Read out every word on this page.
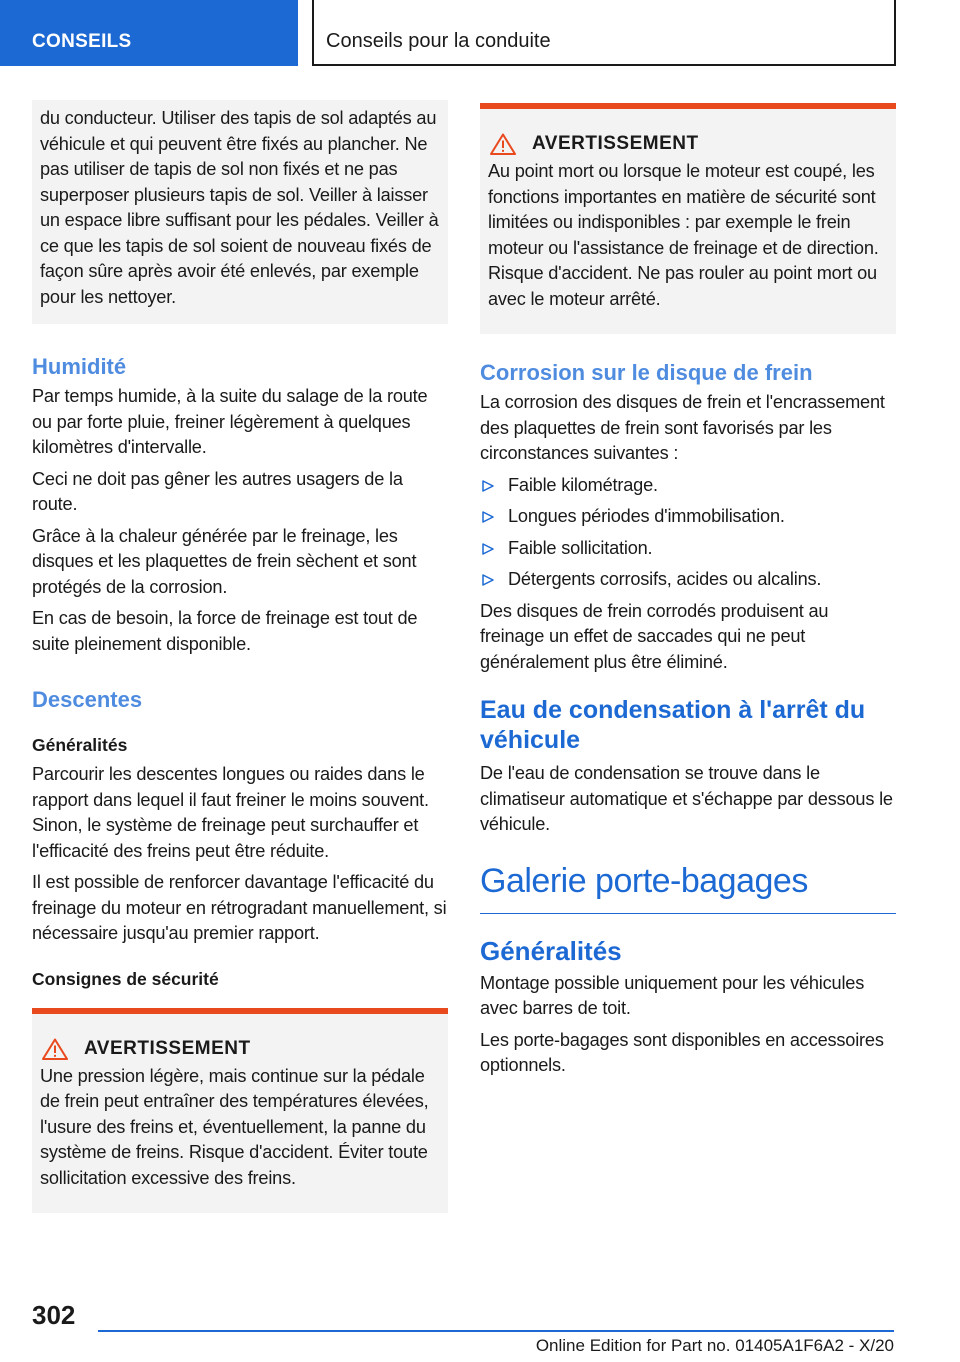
CONSEILS	Conseils pour la conduite

du conducteur. Utiliser des tapis de sol adaptés au véhicule et qui peuvent être fixés au plancher. Ne pas utiliser de tapis de sol non fixés et ne pas superposer plusieurs tapis de sol. Veiller à laisser un espace libre suffisant pour les pédales. Veiller à ce que les tapis de sol soient de nouveau fixés de façon sûre après avoir été enlevés, par exemple pour les nettoyer.

Humidité

Par temps humide, à la suite du salage de la route ou par forte pluie, freiner légèrement à quelques kilomètres d'intervalle.

Ceci ne doit pas gêner les autres usagers de la route.

Grâce à la chaleur générée par le freinage, les disques et les plaquettes de frein sèchent et sont protégés de la corrosion.

En cas de besoin, la force de freinage est tout de suite pleinement disponible.

Descentes
Généralités

Parcourir les descentes longues ou raides dans le rapport dans lequel il faut freiner le moins souvent. Sinon, le système de freinage peut surchauffer et l'efficacité des freins peut être réduite.

Il est possible de renforcer davantage l'efficacité du freinage du moteur en rétrogradant manuellement, si nécessaire jusqu'au premier rapport.

Consignes de sécurité
AVERTISSEMENT

Une pression légère, mais continue sur la pédale de frein peut entraîner des températures élevées, l'usure des freins et, éventuellement, la panne du système de freins. Risque d'accident. Éviter toute sollicitation excessive des freins.

AVERTISSEMENT

Au point mort ou lorsque le moteur est coupé, les fonctions importantes en matière de sécurité sont limitées ou indisponibles : par exemple le frein moteur ou l'assistance de freinage et de direction. Risque d'accident. Ne pas rouler au point mort ou avec le moteur arrêté.

Corrosion sur le disque de frein

La corrosion des disques de frein et l'encrassement des plaquettes de frein sont favorisés par les circonstances suivantes :

Faible kilométrage.
Longues périodes d'immobilisation.
Faible sollicitation.
Détergents corrosifs, acides ou alcalins.

Des disques de frein corrodés produisent au freinage un effet de saccades qui ne peut généralement plus être éliminé.

Eau de condensation à l'arrêt du véhicule

De l'eau de condensation se trouve dans le climatiseur automatique et s'échappe par dessous le véhicule.

Galerie porte-bagages
Généralités

Montage possible uniquement pour les véhicules avec barres de toit.

Les porte-bagages sont disponibles en accessoires optionnels.

302
Online Edition for Part no. 01405A1F6A2 - X/20
